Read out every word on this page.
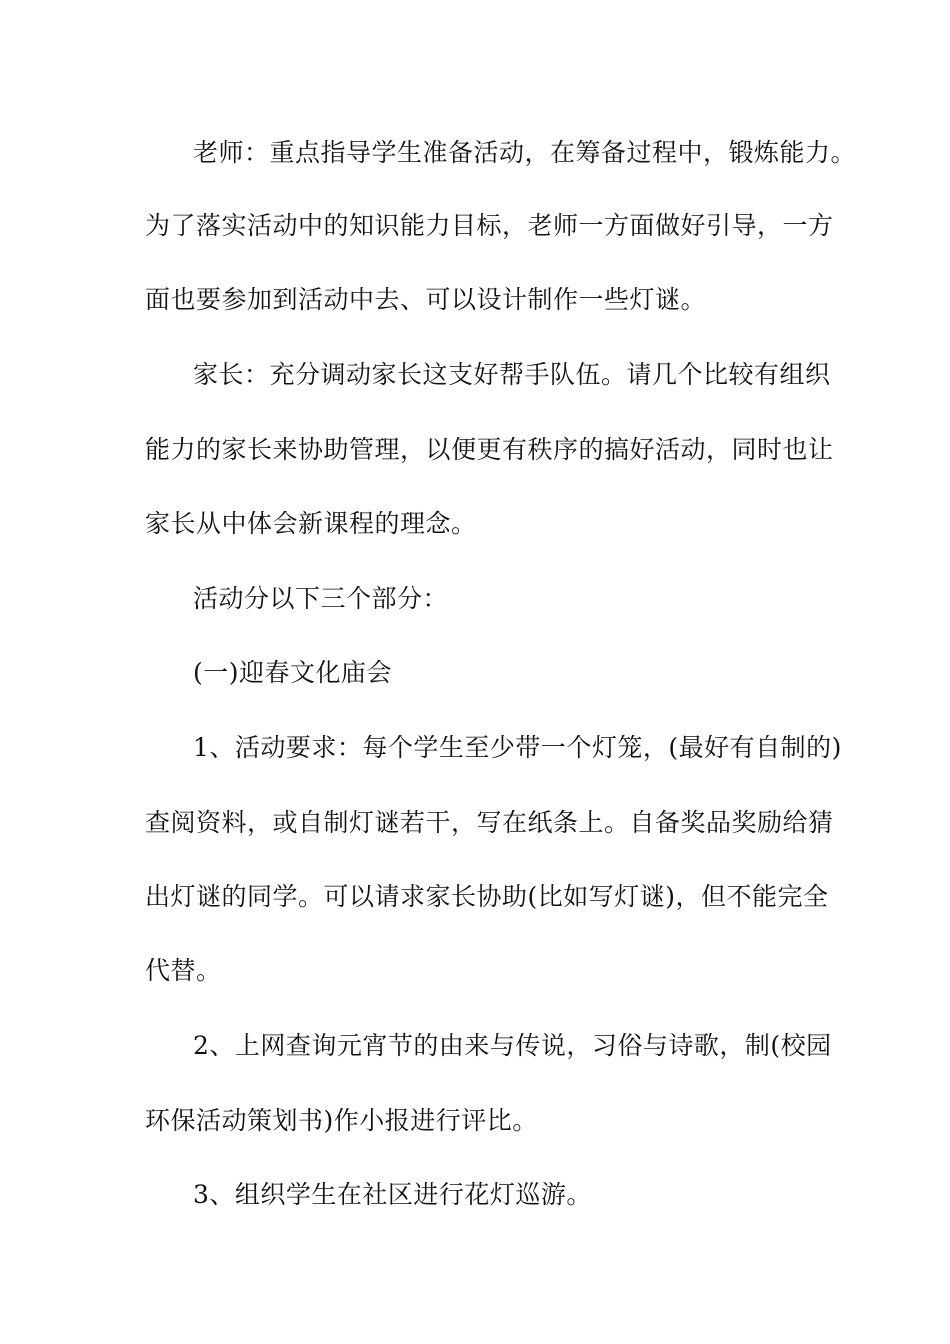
老师：重点指导学生准备活动，在筹备过程中，锻炼能力。
为了落实活动中的知识能力目标，老师一方面做好引导，一方
面也要参加到活动中去、可以设计制作一些灯谜。
家长：充分调动家长这支好帮手队伍。请几个比较有组织
能力的家长来协助管理，以便更有秩序的搞好活动，同时也让
家长从中体会新课程的理念。
活动分以下三个部分：
(一)迎春文化庙会
1、活动要求：每个学生至少带一个灯笼，(最好有自制的)
查阅资料，或自制灯谜若干，写在纸条上。自备奖品奖励给猜
出灯谜的同学。可以请求家长协助(比如写灯谜)，但不能完全
代替。
2、上网查询元宵节的由来与传说，习俗与诗歌，制(校园
环保活动策划书)作小报进行评比。
3、组织学生在社区进行花灯巡游。
